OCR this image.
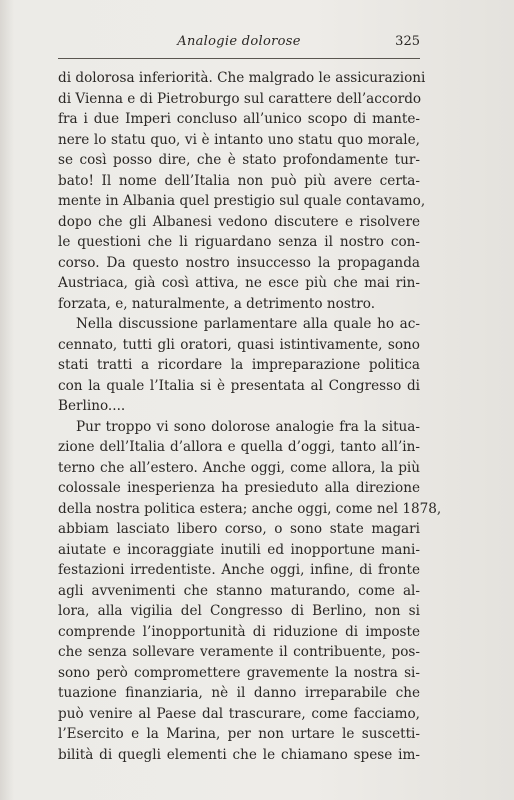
Analogie dolorose	325

di dolorosa inferiorità. Che malgrado le assicurazioni
di Vienna e di Pietroburgo sul carattere dell’accordo
fra i due Imperi concluso all’unico scopo di mante-
nere lo statu quo, vi è intanto uno statu quo morale,
se così posso dire, che è stato profondamente tur-
bato! Il nome dell’Italia non può più avere certa-
mente in Albania quel prestigio sul quale contavamo,
dopo che gli Albanesi vedono discutere e risolvere
le questioni che li riguardano senza il nostro con-
corso. Da questo nostro insuccesso la propaganda
Austriaca, già così attiva, ne esce più che mai rin-
forzata, e, naturalmente, a detrimento nostro.

Nella discussione parlamentare alla quale ho ac-
cennato, tutti gli oratori, quasi istintivamente, sono
stati tratti a ricordare la impreparazione politica
con la quale l’Italia si è presentata al Congresso di
Berlino....

Pur troppo vi sono dolorose analogie fra la situa-
zione dell’Italia d’allora e quella d’oggi, tanto all’in-
terno che all’estero. Anche oggi, come allora, la più
colossale inesperienza ha presieduto alla direzione
della nostra politica estera; anche oggi, come nel 1878,
abbiam lasciato libero corso, o sono state magari
aiutate e incoraggiate inutili ed inopportune mani-
festazioni irredentiste. Anche oggi, infine, di fronte
agli avvenimenti che stanno maturando, come al-
lora, alla vigilia del Congresso di Berlino, non si
comprende l’inopportunità di riduzione di imposte
che senza sollevare veramente il contribuente, pos-
sono però compromettere gravemente la nostra si-
tuazione finanziaria, nè il danno irreparabile che
può venire al Paese dal trascurare, come facciamo,
l’Esercito e la Marina, per non urtare le suscetti-
bilità di quegli elementi che le chiamano spese im-
